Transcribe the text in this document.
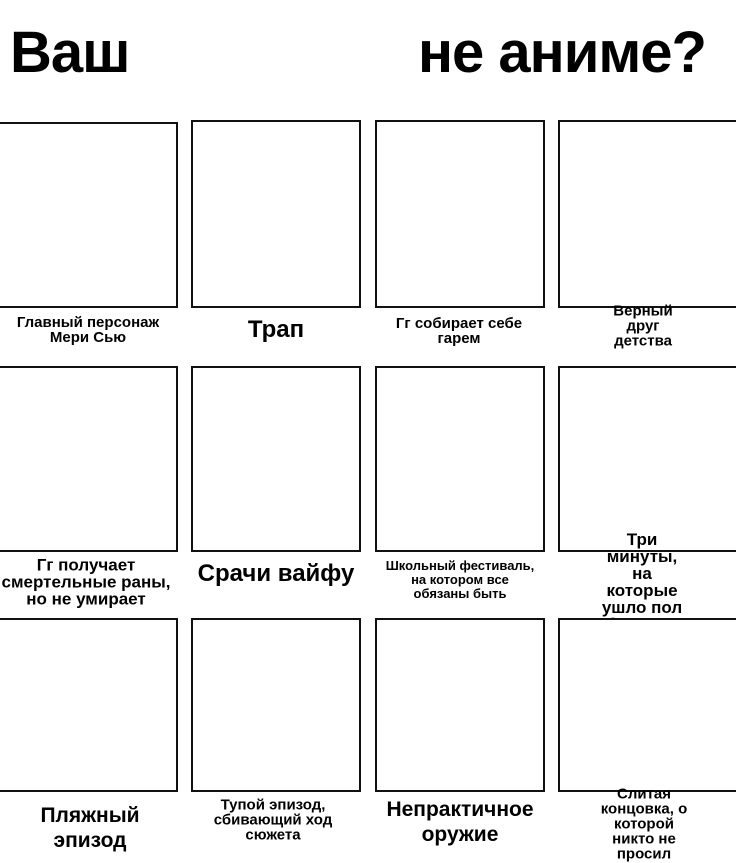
Ваш	не аниме?
Главный персонаж
Мери Сью	Трап	Гг собирает себе
гарем
Верный друг
детства
Гг получает
смертельные раны,
но не умирает
Срачи вайфу Школьный фестиваль,
на котором все
обязаны быть
Три минуты, на
которые ушло пол

Пляжный
эпизод
Тупой эпизод,
сбивающий ход
сюжета
Непрактичное
оружие
Слитая концовка, о
которой никто не
просил
